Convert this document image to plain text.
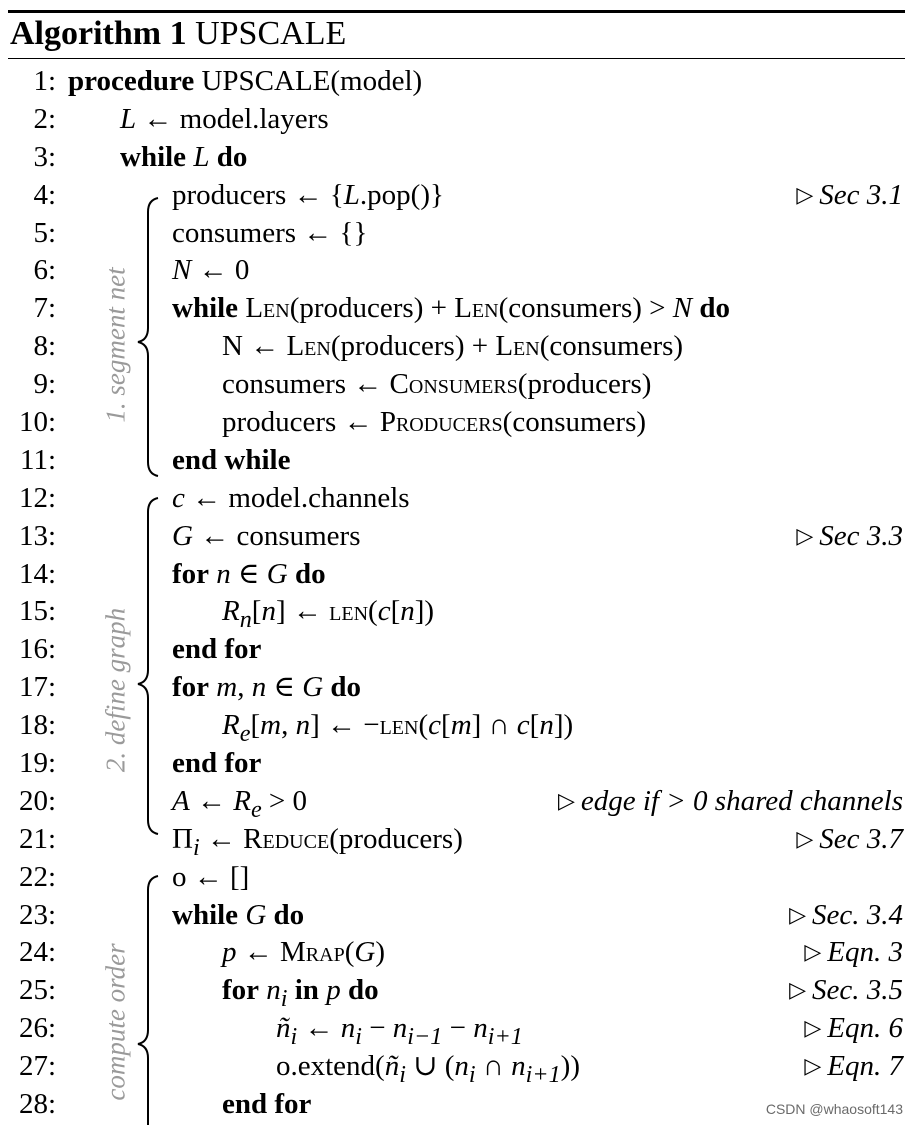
Algorithm 1 UPSCALE
1. segment net
2. define graph
compute order
1: procedure UPSCALE(model)
2: L ← model.layers
3: while L do
4:	producers ← {L.pop()}	▷ Sec 3.1
5:	consumers ← {}
6:	N ← 0
7:	while Len(producers) + Len(consumers) > N do
8:	N ← Len(producers) + Len(consumers)
9:	consumers ← Consumers(producers)
10:	producers ← Producers(consumers)
11:	end while
12:	c ← model.channels
13:	G ← consumers	▷ Sec 3.3
14:	for n ∈ G do
15:	$R_n[n]$ ← len(c[n])
16:	end for
17:	for m, n ∈ G do
18:	$R_e[m$, n] ← −len(c[m] ∩ c[n])
19:	end for
20:	A ← $R_e > 0$	▷ edge if > 0 shared channels
21:	$\Pi_i$ ← Reduce(producers)	▷ Sec 3.7
22:	o ← []
23:	while G do	▷ Sec. 3.4
24:	p ← Mrap(G)	▷ Eqn. 3
25:	for $n_i$ in p do	▷ Sec. 3.5
26:	$ñ_i$ ← $n_i - n_{i-1} - n_{i+1}$	▷ Eqn. 6
27:	$o.extend(ñ_i$ ∪ ($n_i$ ∩ $n_{i+1}$))	▷ Eqn. 7
28:	end for	CSDN @whaosoft143
